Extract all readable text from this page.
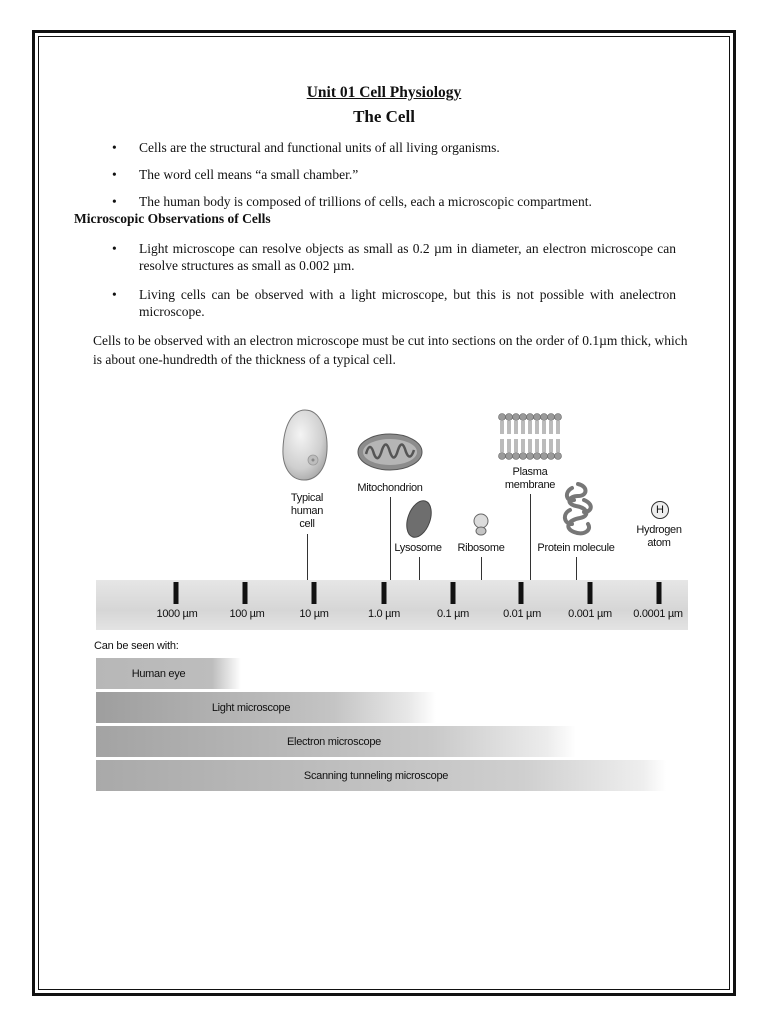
Unit 01 Cell Physiology
The Cell
• Cells are the structural and functional units of all living organisms.
• The word cell means “a small chamber.”
• The human body is composed of trillions of cells, each a microscopic compartment.
Microscopic Observations of Cells
• Light microscope can resolve objects as small as 0.2 µm in diameter, an electron microscope can resolve structures as small as 0.002 µm.
• Living cells can be observed with a light microscope, but this is not possible with anelectron microscope.
Cells to be observed with an electron microscope must be cut into sections on the order of 0.1µm thick, which is about one-hundredth of the thickness of a typical cell.
H
Typical
human
cell
Mitochondrion
Lysosome Ribosome
Plasma
membrane
Protein molecule
Hydrogen
atom
1000 µm	100 µm	10 µm	1.0 µm	0.1 µm	0.01 µm 0.001 µm 0.0001 µm
Can be seen with:
Human eye
Light microscope
Electron microscope
Scanning tunneling microscope
